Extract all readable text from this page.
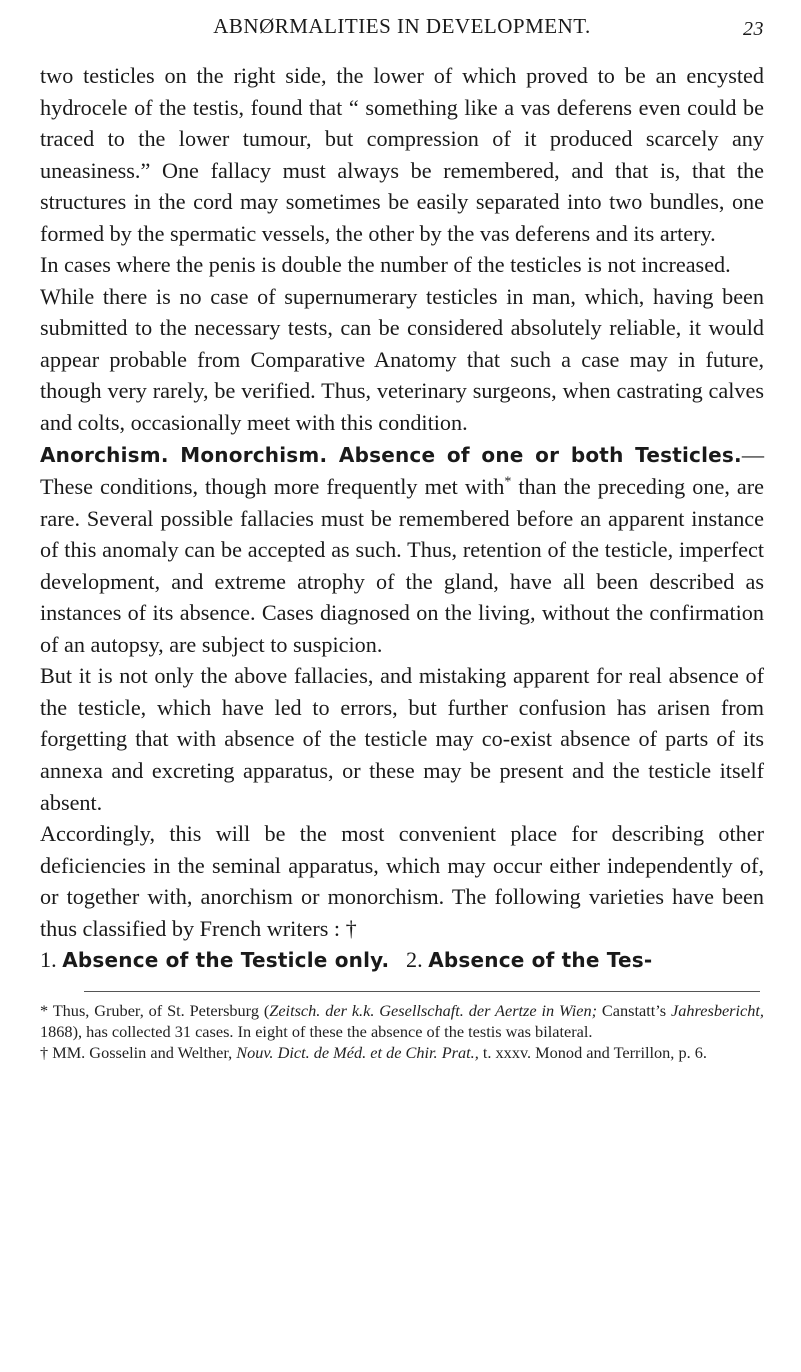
ABNØRMALITIES IN DEVELOPMENT.	23

two testicles on the right side, the lower of which proved to be an encysted hydrocele of the testis, found that “ something like a vas deferens even could be traced to the lower tumour, but compression of it produced scarcely any uneasiness.” One fallacy must always be remembered, and that is, that the structures in the cord may sometimes be easily separated into two bundles, one formed by the spermatic vessels, the other by the vas deferens and its artery.

In cases where the penis is double the number of the testicles is not increased.

While there is no case of supernumerary testicles in man, which, having been submitted to the necessary tests, can be considered absolutely reliable, it would appear probable from Comparative Anatomy that such a case may in future, though very rarely, be verified. Thus, veterinary surgeons, when castrating calves and colts, occasionally meet with this condition.

Anorchism. Monorchism. Absence of one or both Testicles.—These conditions, though more frequently met with* than the preceding one, are rare. Several possible fallacies must be remembered before an apparent instance of this anomaly can be accepted as such. Thus, retention of the testicle, imperfect development, and extreme atrophy of the gland, have all been described as instances of its absence. Cases diagnosed on the living, without the confirmation of an autopsy, are subject to suspicion.

But it is not only the above fallacies, and mistaking apparent for real absence of the testicle, which have led to errors, but further confusion has arisen from forgetting that with absence of the testicle may co-exist absence of parts of its annexa and excreting apparatus, or these may be present and the testicle itself absent.

Accordingly, this will be the most convenient place for describing other deficiencies in the seminal apparatus, which may occur either independently of, or together with, anorchism or monorchism. The following varieties have been thus classified by French writers : †

1. Absence of the Testicle only. 2. Absence of the Tes-

* Thus, Gruber, of St. Petersburg (Zeitsch. der k.k. Gesellschaft. der Aertze in Wien; Canstatt’s Jahresbericht, 1868), has collected 31 cases. In eight of these the absence of the testis was bilateral.

† MM. Gosselin and Welther, Nouv. Dict. de Méd. et de Chir. Prat., t. xxxv. Monod and Terrillon, p. 6.
